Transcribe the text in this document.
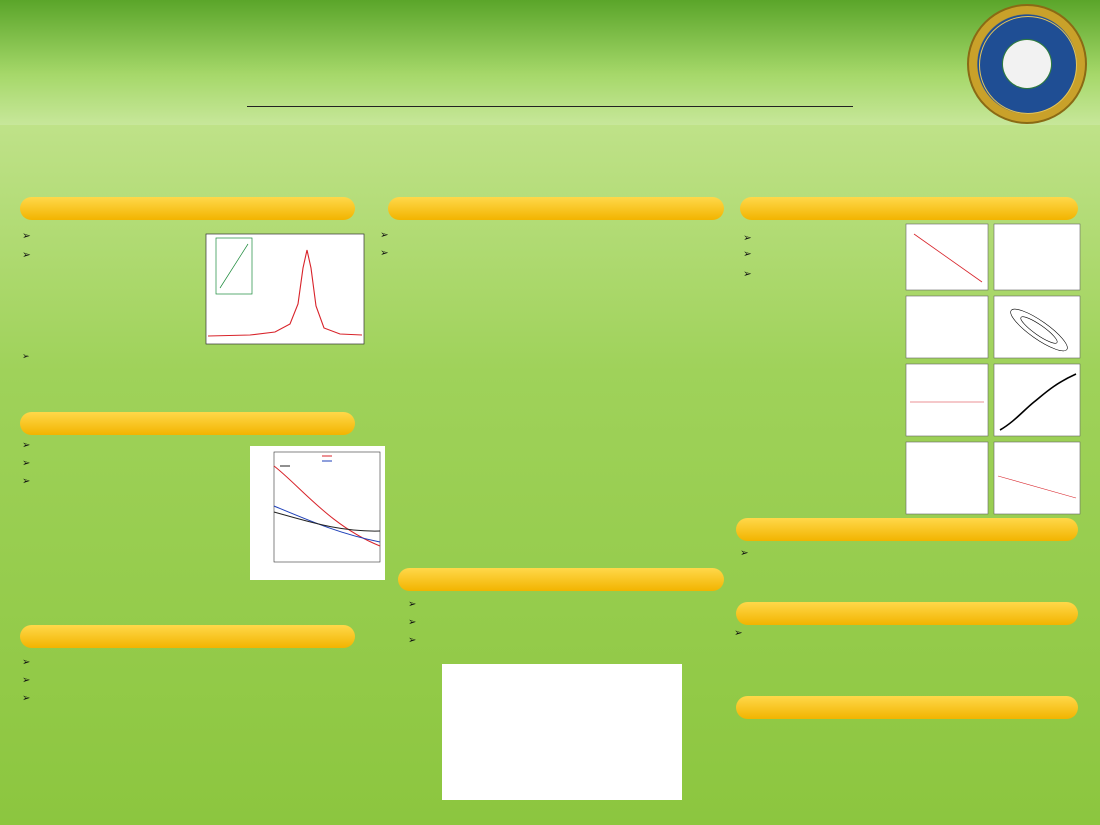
➢

➢

➢

➢

➢

➢

➢

➢

➢

➢

➢

➢

➢

➢

➢
➢
➢
➢
➢
